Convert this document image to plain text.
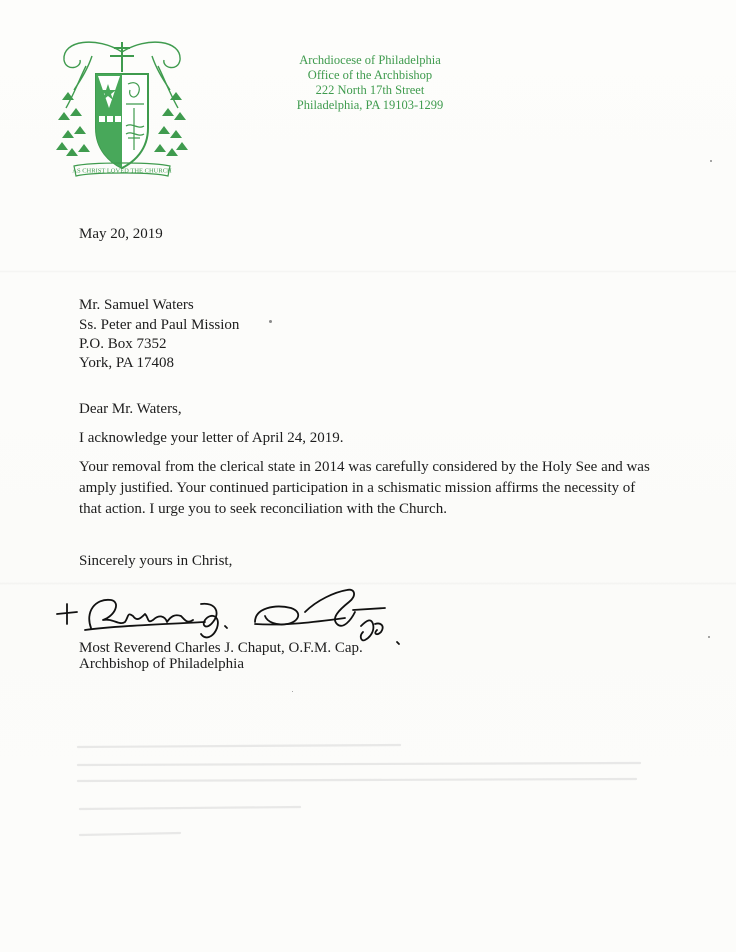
AS CHRIST LOVED THE CHURCH
Archdiocese of Philadelphia
Office of the Archbishop
222 North 17th Street
Philadelphia, PA 19103-1299
May 20, 2019
Mr. Samuel Waters
Ss. Peter and Paul Mission
P.O. Box 7352
York, PA 17408
Dear Mr. Waters,
I acknowledge your letter of April 24, 2019.
Your removal from the clerical state in 2014 was carefully considered by the Holy See and was amply justified. Your continued participation in a schismatic mission affirms the necessity of that action. I urge you to seek reconciliation with the Church.
Sincerely yours in Christ,
Most Reverend Charles J. Chaput, O.F.M. Cap.
Archbishop of Philadelphia
